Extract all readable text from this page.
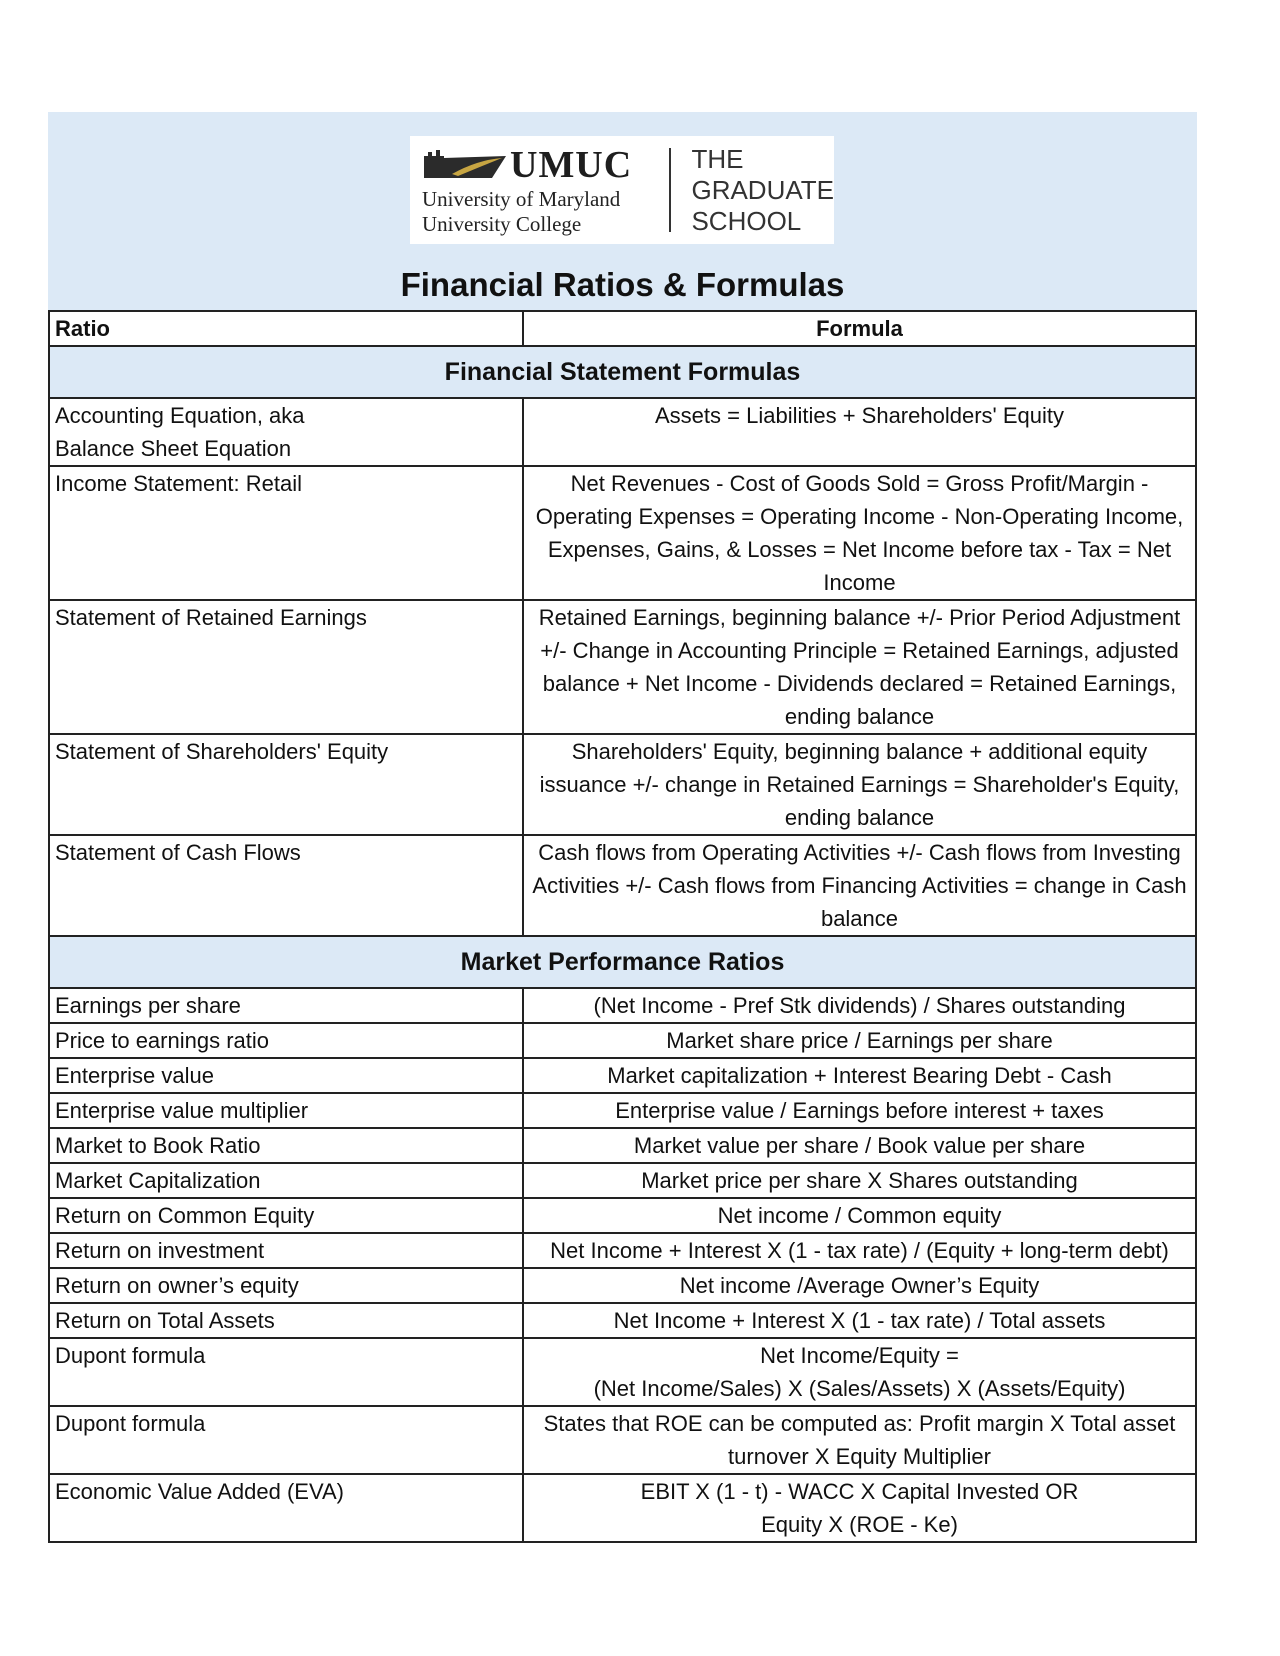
UMUC
University of Maryland
University College
THE
GRADUATE
SCHOOL
Financial Ratios & Formulas
Ratio	Formula
Financial Statement Formulas	
Accounting Equation, aka
Balance Sheet Equation	Assets = Liabilities + Shareholders' Equity
Income Statement: Retail	Net Revenues - Cost of Goods Sold = Gross Profit/Margin - Operating Expenses = Operating Income - Non-Operating Income, Expenses, Gains, & Losses = Net Income before tax - Tax = Net Income
Statement of Retained Earnings	Retained Earnings, beginning balance +/- Prior Period Adjustment +/- Change in Accounting Principle = Retained Earnings, adjusted balance + Net Income - Dividends declared = Retained Earnings, ending balance
Statement of Shareholders' Equity	Shareholders' Equity, beginning balance + additional equity issuance +/- change in Retained Earnings = Shareholder's Equity, ending balance
Statement of Cash Flows	Cash flows from Operating Activities +/- Cash flows from Investing Activities +/- Cash flows from Financing Activities = change in Cash balance
Market Performance Ratios	
Earnings per share	(Net Income - Pref Stk dividends) / Shares outstanding
Price to earnings ratio	Market share price / Earnings per share
Enterprise value	Market capitalization + Interest Bearing Debt - Cash
Enterprise value multiplier	Enterprise value / Earnings before interest + taxes
Market to Book Ratio	Market value per share / Book value per share
Market Capitalization	Market price per share X Shares outstanding
Return on Common Equity	Net income / Common equity
Return on investment	Net Income + Interest X (1 - tax rate) / (Equity + long-term debt)
Return on owner’s equity	Net income /Average Owner’s Equity
Return on Total Assets	Net Income + Interest X (1 - tax rate) / Total assets
Dupont formula	Net Income/Equity =
(Net Income/Sales) X (Sales/Assets) X (Assets/Equity)
Dupont formula	States that ROE can be computed as: Profit margin X Total asset turnover X Equity Multiplier
Economic Value Added (EVA)	EBIT X (1 - t) - WACC X Capital Invested OR
Equity X (ROE - Ke)
